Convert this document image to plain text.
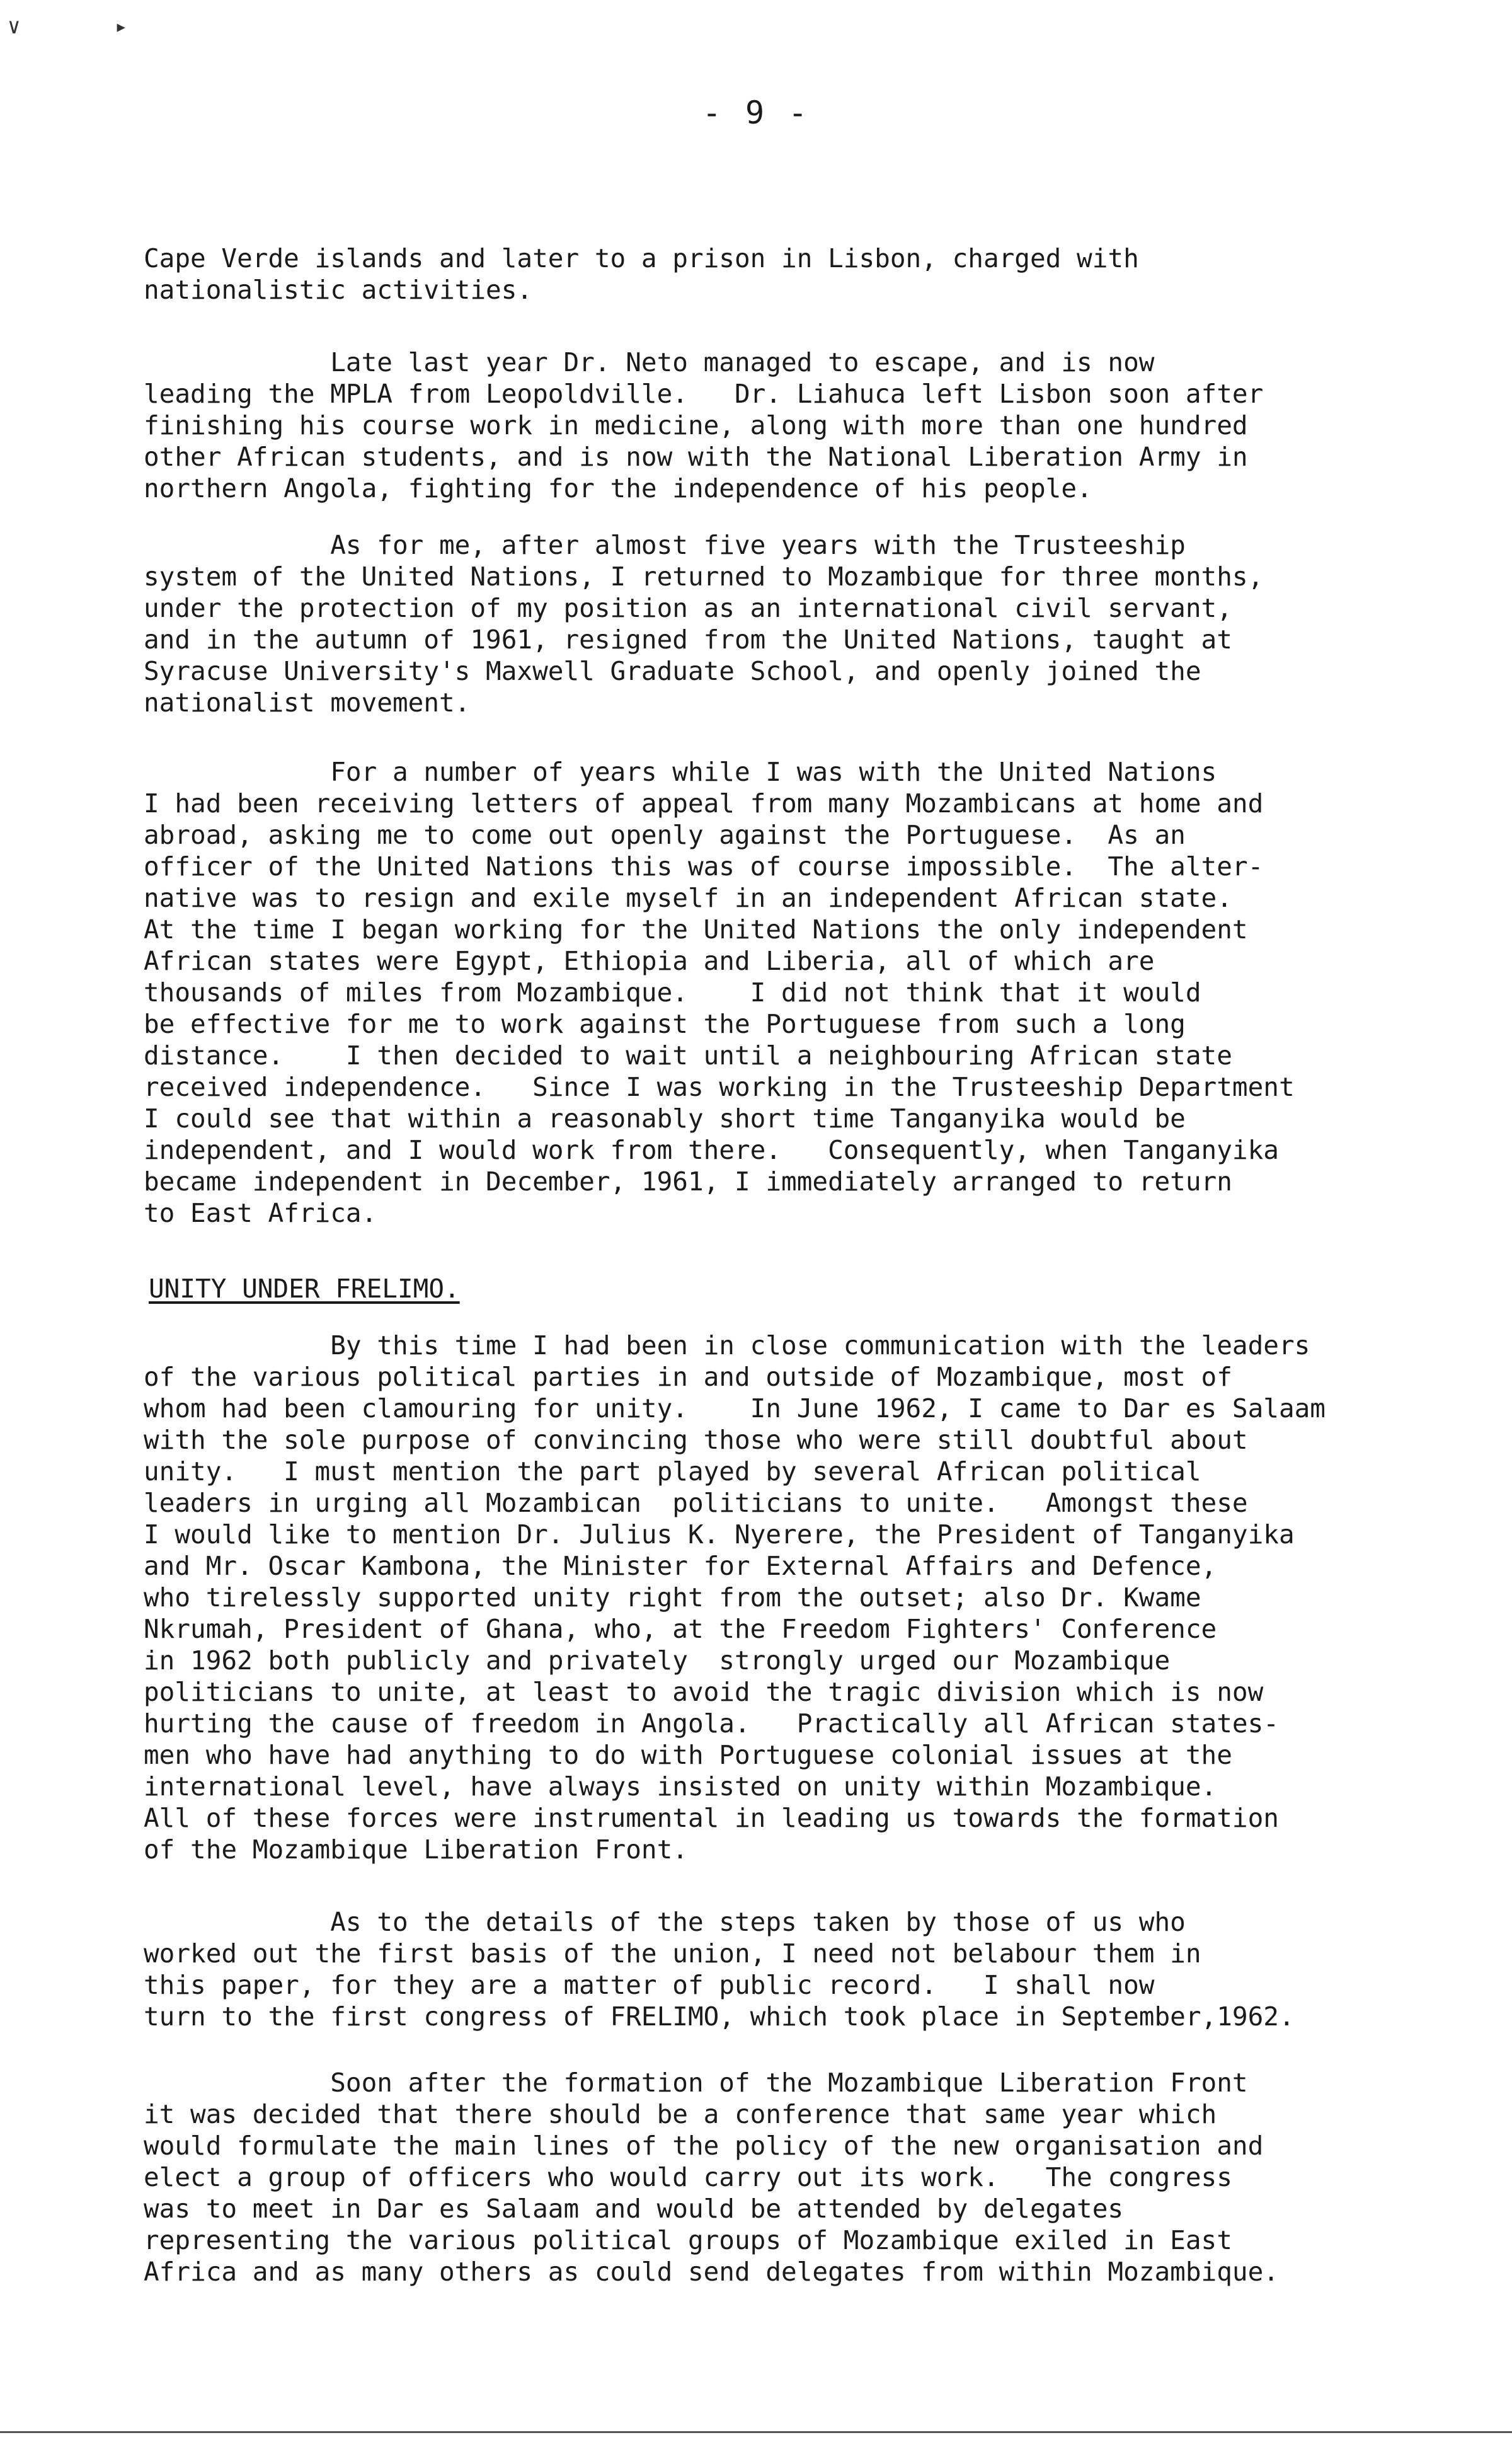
∨	▸
- 9 -
Cape Verde islands and later to a prison in Lisbon, charged with
nationalistic activities.
Late last year Dr. Neto managed to escape, and is now
leading the MPLA from Leopoldville.   Dr. Liahuca left Lisbon soon after
finishing his course work in medicine, along with more than one hundred
other African students, and is now with the National Liberation Army in
northern Angola, fighting for the independence of his people.
As for me, after almost five years with the Trusteeship
system of the United Nations, I returned to Mozambique for three months,
under the protection of my position as an international civil servant,
and in the autumn of 1961, resigned from the United Nations, taught at
Syracuse University's Maxwell Graduate School, and openly joined the
nationalist movement.
For a number of years while I was with the United Nations
I had been receiving letters of appeal from many Mozambicans at home and
abroad, asking me to come out openly against the Portuguese.  As an
officer of the United Nations this was of course impossible.  The alter-
native was to resign and exile myself in an independent African state.
At the time I began working for the United Nations the only independent
African states were Egypt, Ethiopia and Liberia, all of which are
thousands of miles from Mozambique.    I did not think that it would
be effective for me to work against the Portuguese from such a long
distance.    I then decided to wait until a neighbouring African state
received independence.   Since I was working in the Trusteeship Department
I could see that within a reasonably short time Tanganyika would be
independent, and I would work from there.   Consequently, when Tanganyika
became independent in December, 1961, I immediately arranged to return
to East Africa.
UNITY UNDER FRELIMO.
By this time I had been in close communication with the leaders
of the various political parties in and outside of Mozambique, most of
whom had been clamouring for unity.    In June 1962, I came to Dar es Salaam
with the sole purpose of convincing those who were still doubtful about
unity.   I must mention the part played by several African political
leaders in urging all Mozambican  politicians to unite.   Amongst these
I would like to mention Dr. Julius K. Nyerere, the President of Tanganyika
and Mr. Oscar Kambona, the Minister for External Affairs and Defence,
who tirelessly supported unity right from the outset; also Dr. Kwame
Nkrumah, President of Ghana, who, at the Freedom Fighters' Conference
in 1962 both publicly and privately  strongly urged our Mozambique
politicians to unite, at least to avoid the tragic division which is now
hurting the cause of freedom in Angola.   Practically all African states-
men who have had anything to do with Portuguese colonial issues at the
international level, have always insisted on unity within Mozambique.
All of these forces were instrumental in leading us towards the formation
of the Mozambique Liberation Front.
As to the details of the steps taken by those of us who
worked out the first basis of the union, I need not belabour them in
this paper, for they are a matter of public record.   I shall now
turn to the first congress of FRELIMO, which took place in September,1962.
Soon after the formation of the Mozambique Liberation Front
it was decided that there should be a conference that same year which
would formulate the main lines of the policy of the new organisation and
elect a group of officers who would carry out its work.   The congress
was to meet in Dar es Salaam and would be attended by delegates
representing the various political groups of Mozambique exiled in East
Africa and as many others as could send delegates from within Mozambique.
